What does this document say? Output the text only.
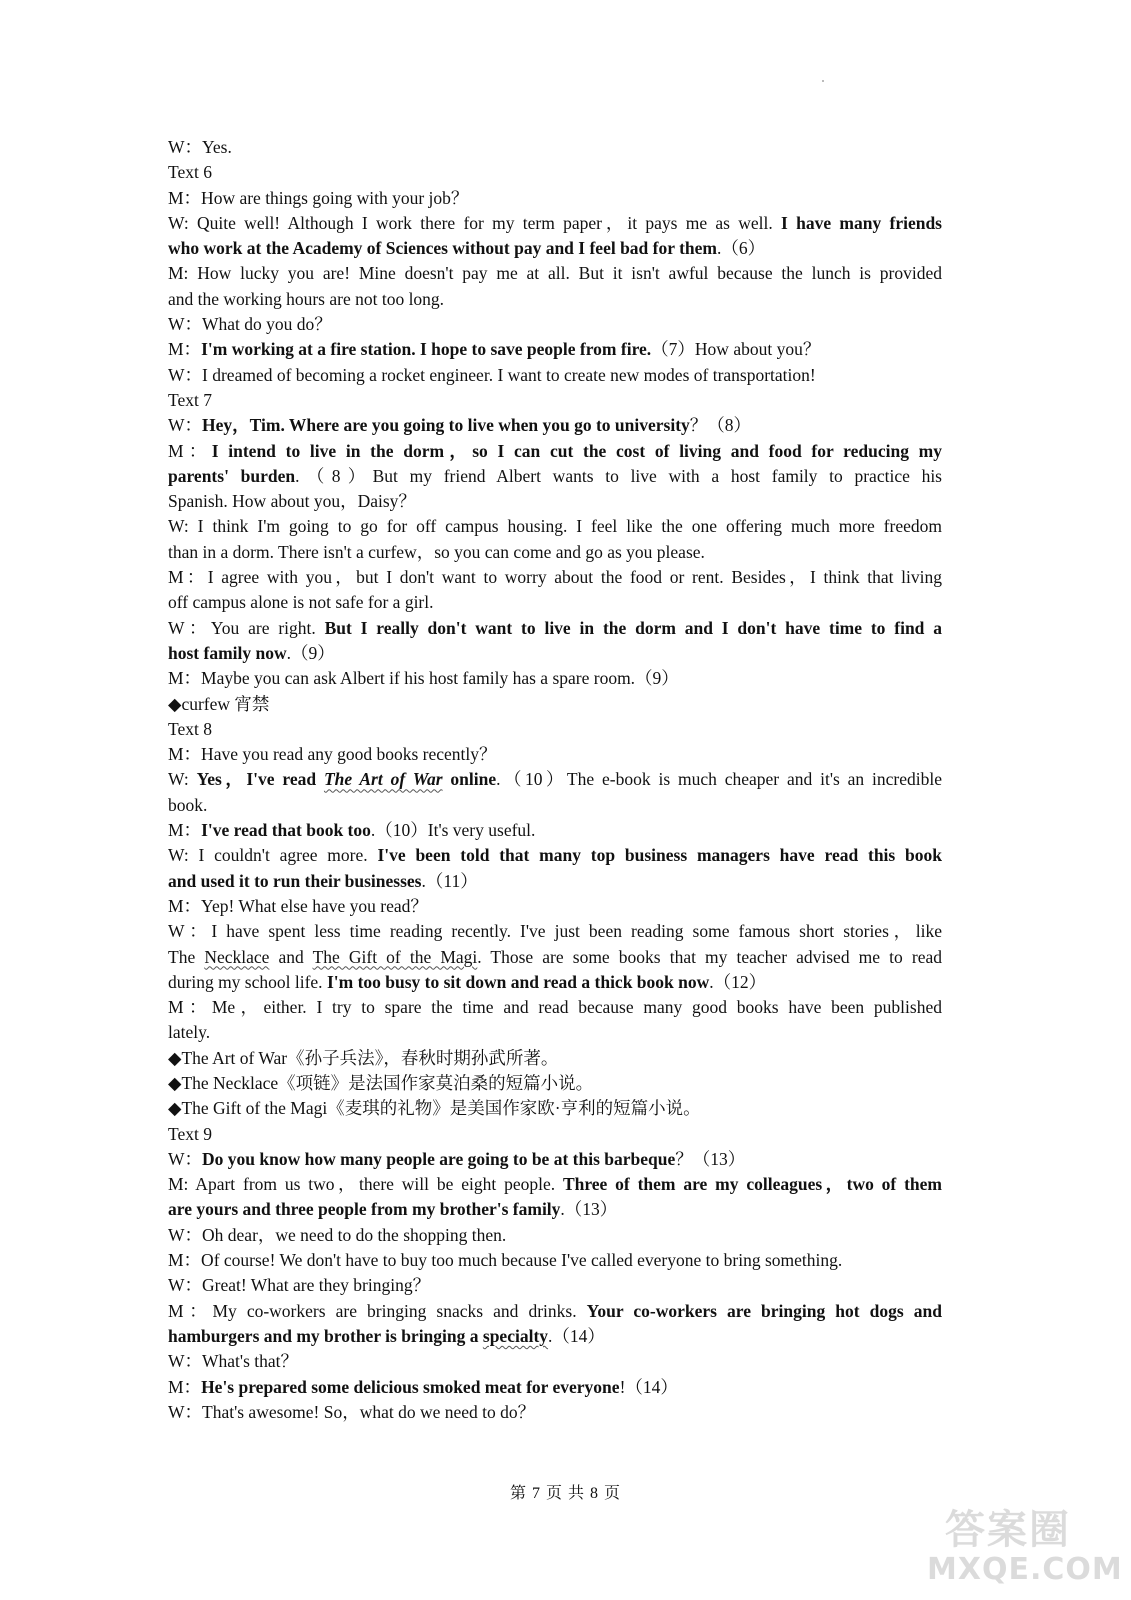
W：Yes.
Text 6
M：How are things going with your job？
W: Quite well! Although I work there for my term paper，it pays me as well. I have many friends
who work at the Academy of Sciences without pay and I feel bad for them.（6）
M: How lucky you are! Mine doesn't pay me at all. But it isn't awful because the lunch is provided
and the working hours are not too long.
W：What do you do？
M：I'm working at a fire station. I hope to save people from fire.（7）How about you？
W：I dreamed of becoming a rocket engineer. I want to create new modes of transportation!
Text 7
W：Hey，Tim. Where are you going to live when you go to university？（8）
M：I intend to live in the dorm，so I can cut the cost of living and food for reducing my
parents' burden.（8）But my friend Albert wants to live with a host family to practice his
Spanish. How about you，Daisy？
W: I think I'm going to go for off campus housing. I feel like the one offering much more freedom
than in a dorm. There isn't a curfew，so you can come and go as you please.
M：I agree with you，but I don't want to worry about the food or rent. Besides，I think that living
off campus alone is not safe for a girl.
W：You are right. But I really don't want to live in the dorm and I don't have time to find a
host family now.（9）
M：Maybe you can ask Albert if his host family has a spare room.（9）
◆curfew 宵禁
Text 8
M：Have you read any good books recently？
W: Yes，I've read The Art of War online.（10）The e-book is much cheaper and it's an incredible
book.
M：I've read that book too.（10）It's very useful.
W: I couldn't agree more. I've been told that many top business managers have read this book
and used it to run their businesses.（11）
M：Yep! What else have you read？
W：I have spent less time reading recently. I've just been reading some famous short stories，like
The Necklace and The Gift of the Magi. Those are some books that my teacher advised me to read
during my school life. I'm too busy to sit down and read a thick book now.（12）
M：Me，either. I try to spare the time and read because many good books have been published
lately.
◆The Art of War《孙子兵法》，春秋时期孙武所著。
◆The Necklace《项链》是法国作家莫泊桑的短篇小说。
◆The Gift of the Magi《麦琪的礼物》是美国作家欧·亨利的短篇小说。
Text 9
W：Do you know how many people are going to be at this barbeque？（13）
M: Apart from us two，there will be eight people. Three of them are my colleagues，two of them
are yours and three people from my brother's family.（13）
W：Oh dear，we need to do the shopping then.
M：Of course! We don't have to buy too much because I've called everyone to bring something.
W：Great! What are they bringing？
M：My co-workers are bringing snacks and drinks. Your co-workers are bringing hot dogs and
hamburgers and my brother is bringing a specialty.（14）
W：What's that？
M：He's prepared some delicious smoked meat for everyone!（14）
W：That's awesome! So，what do we need to do？
第 7 页 共 8 页
答案圈
MXQE.COM
